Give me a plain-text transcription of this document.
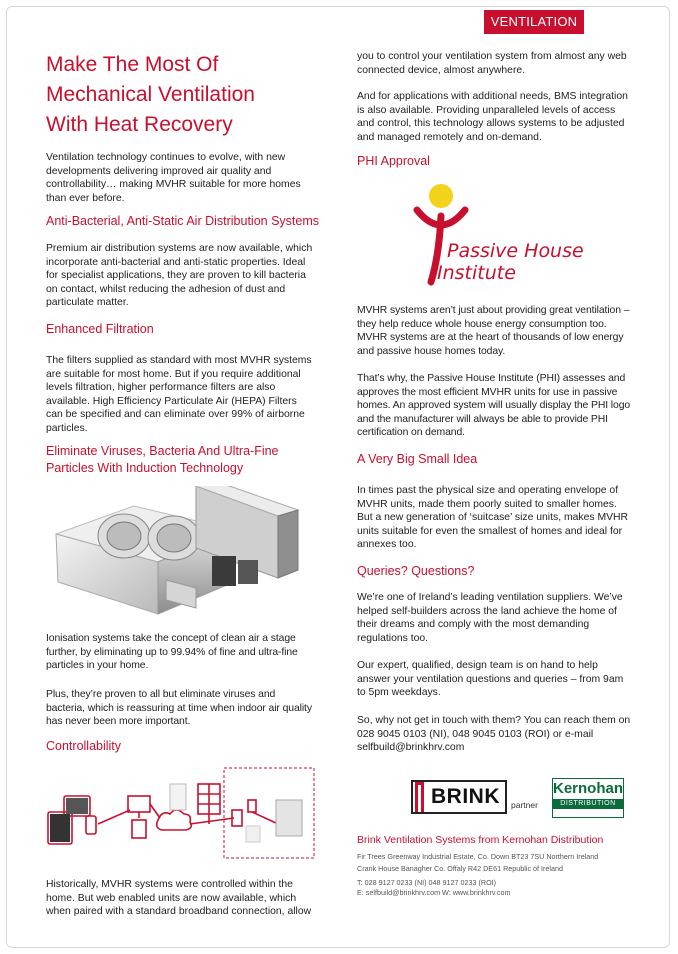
VENTILATION
Make The Most Of
Mechanical Ventilation
With Heat Recovery

Ventilation technology continues to evolve, with new developments delivering improved air quality and controllability… making MVHR suitable for more homes than ever before.

Anti-Bacterial, Anti-Static Air Distribution Systems

Premium air distribution systems are now available, which incorporate anti-bacterial and anti-static properties. Ideal for specialist applications, they are proven to kill bacteria on contact, whilst reducing the adhesion of dust and particulate matter.

Enhanced Filtration

The filters supplied as standard with most MVHR systems are suitable for most home. But if you require additional levels filtration, higher performance filters are also available. High Efficiency Particulate Air (HEPA) Filters can be specified and can eliminate over 99% of airborne particles.

Eliminate Viruses, Bacteria And Ultra-Fine
Particles With Induction Technology

Ionisation systems take the concept of clean air a stage further, by eliminating up to 99.94% of fine and ultra-fine particles in your home.

Plus, they’re proven to all but eliminate viruses and bacteria, which is reassuring at time when indoor air quality has never been more important.

Controllability

Historically, MVHR systems were controlled within the home. But web enabled units are now available, which when paired with a standard broadband connection, allow

you to control your ventilation system from almost any web connected device, almost anywhere.

And for applications with additional needs, BMS integration is also available. Providing unparalleled levels of access and control, this technology allows systems to be adjusted and managed remotely and on-demand.

PHI Approval
Passive House
Institute

MVHR systems aren’t just about providing great ventilation – they help reduce whole house energy consumption too. MVHR systems are at the heart of thousands of low energy and passive house homes today.

That’s why, the Passive House Institute (PHI) assesses and approves the most efficient MVHR units for use in passive homes. An approved system will usually display the PHI logo and the manufacturer will always be able to provide PHI certification on demand.

A Very Big Small Idea

In times past the physical size and operating envelope of MVHR units, made them poorly suited to smaller homes. But a new generation of ‘suitcase’ size units, makes MVHR units suitable for even the smallest of homes and ideal for annexes too.

Queries? Questions?

We’re one of Ireland’s leading ventilation suppliers. We’ve helped self-builders across the land achieve the home of their dreams and comply with the most demanding regulations too.

Our expert, qualified, design team is on hand to help answer your ventilation questions and queries – from 9am to 5pm weekdays.

So, why not get in touch with them? You can reach them on 028 9045 0103 (NI), 048 9045 0103 (ROI) or e-mail selfbuild@brinkhrv.com

BRINK partner
Kernohan
DISTRIBUTION
Brink Ventilation Systems from Kernohan Distribution
Fir Trees Greenway Industrial Estate, Co. Down BT23 7SU Northern Ireland
Crank House Banagher Co. Offaly R42 DE61 Republic of Ireland
T: 028 9127 0233 (NI) 048 9127 0233 (ROI)
E: selfbuild@brinkhrv.com W: www.brinkhrv.com
